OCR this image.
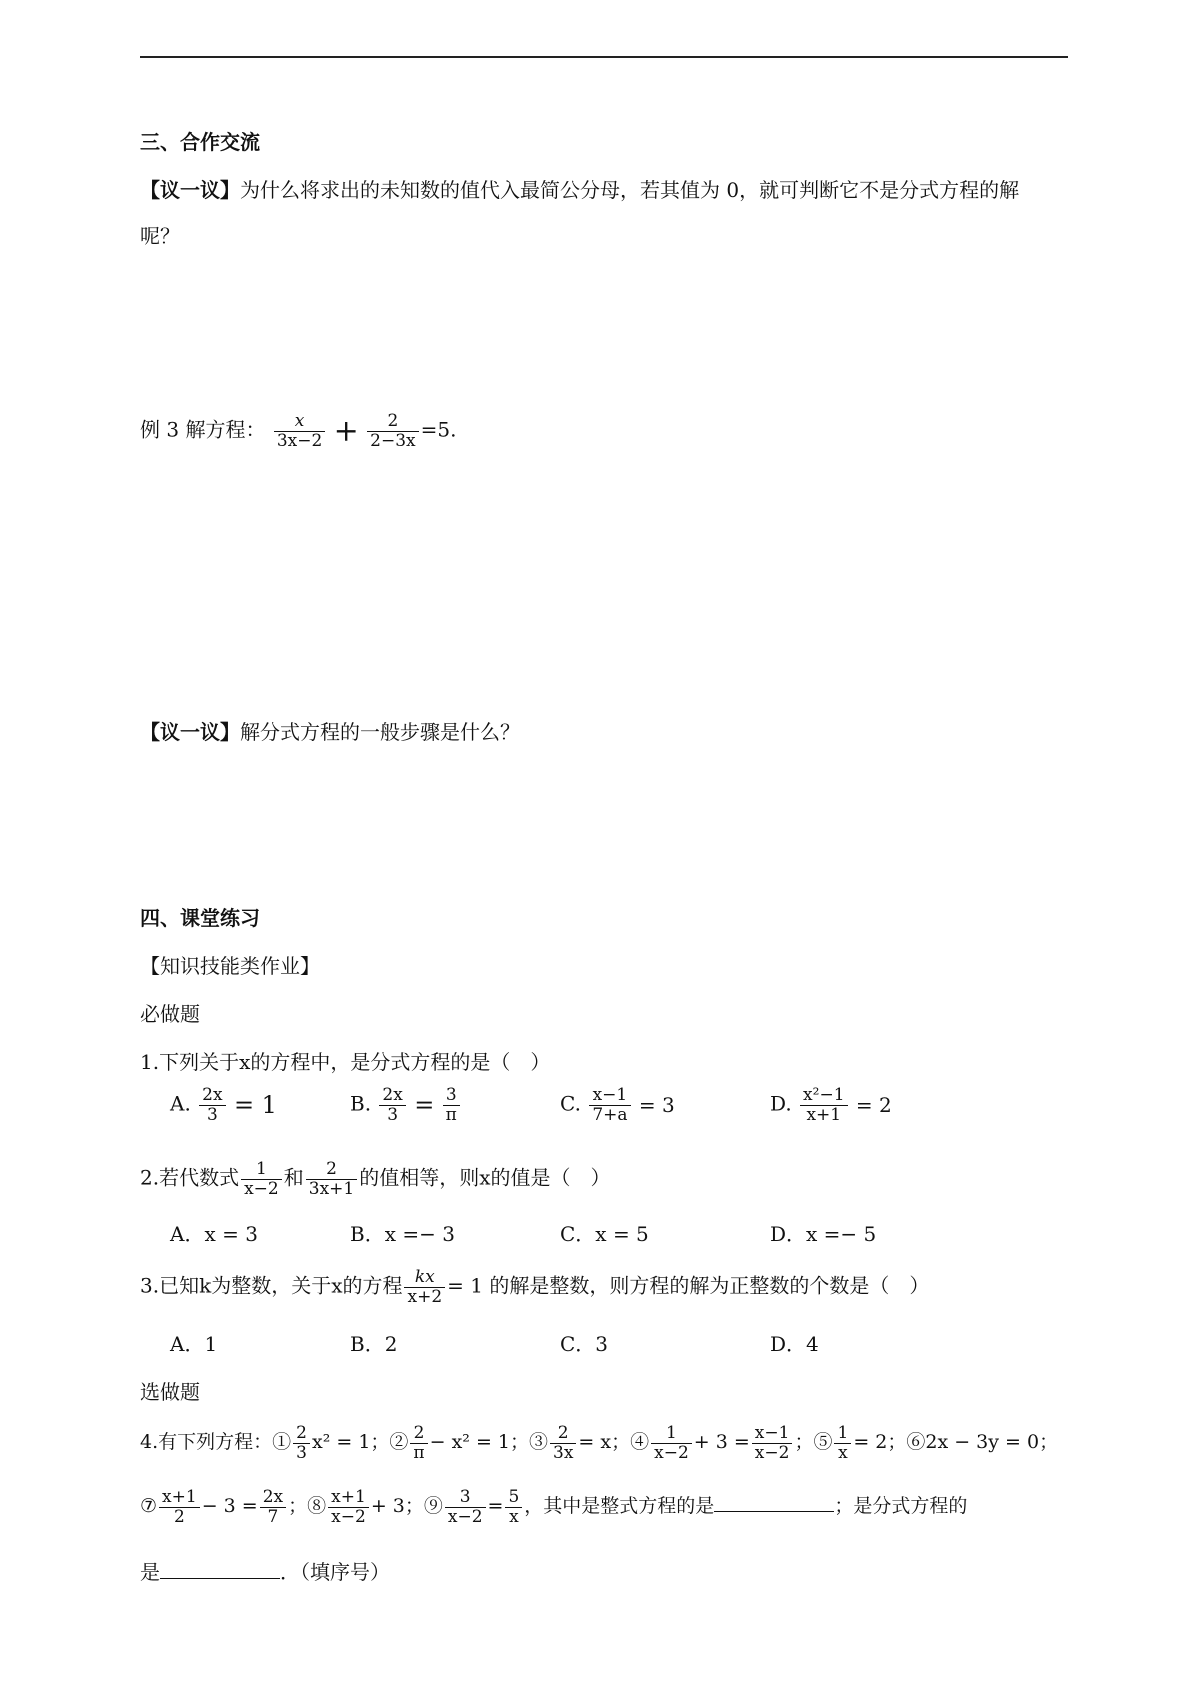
三、合作交流
【议一议】为什么将求出的未知数的值代入最简公分母，若其值为 0，就可判断它不是分式方程的解
呢？
例 3 解方程： $\frac{x}{3x-2} + \frac{2}{2-3x} =5$.
【议一议】解分式方程的一般步骤是什么？
四、课堂练习
【知识技能类作业】
必做题
1.下列关于x的方程中，是分式方程的是（　）
A. $\frac{2x}{3} = 1$	B. $\frac{2x}{3} = \frac{3}{\pi}$	C. $\frac{x-1}{7+a} = 3$	D. $\frac{\text{x²−1}}{x+1} = 2$
2.若代数式 $\frac{1}{x-2}$ 和 $\frac{2}{3x+1}$ 的值相等，则x的值是（　）
A．x = 3	B．x =− 3	C．x = 5	D．x =− 5
3.已知k为整数，关于x的方程 $\frac{kx}{x+2} = 1$ 的解是整数，则方程的解为正整数的个数是（　）
A．1	B．2	C．3	D．4
选做题
4.有下列方程：① $\frac{2}{3} x^2 = 1$；② $\frac{2}{\pi} - x^2 = 1$；③ $\frac{2}{3x} = x$；④ $\frac{1}{x-2} + 3 = \frac{x-1}{x-2}$ ；⑤ $\frac{1}{x} = 2$；⑥2x − 3y = 0；
⑦ $\frac{x+1}{2} - 3 = \frac{2x}{7}$ ；⑧ $\frac{x+1}{x-2} + 3$；⑨ $\frac{3}{x-2} = \frac{5}{x}$ ，其中是整式方程的是	；是分式方程的
是	．（填序号）
